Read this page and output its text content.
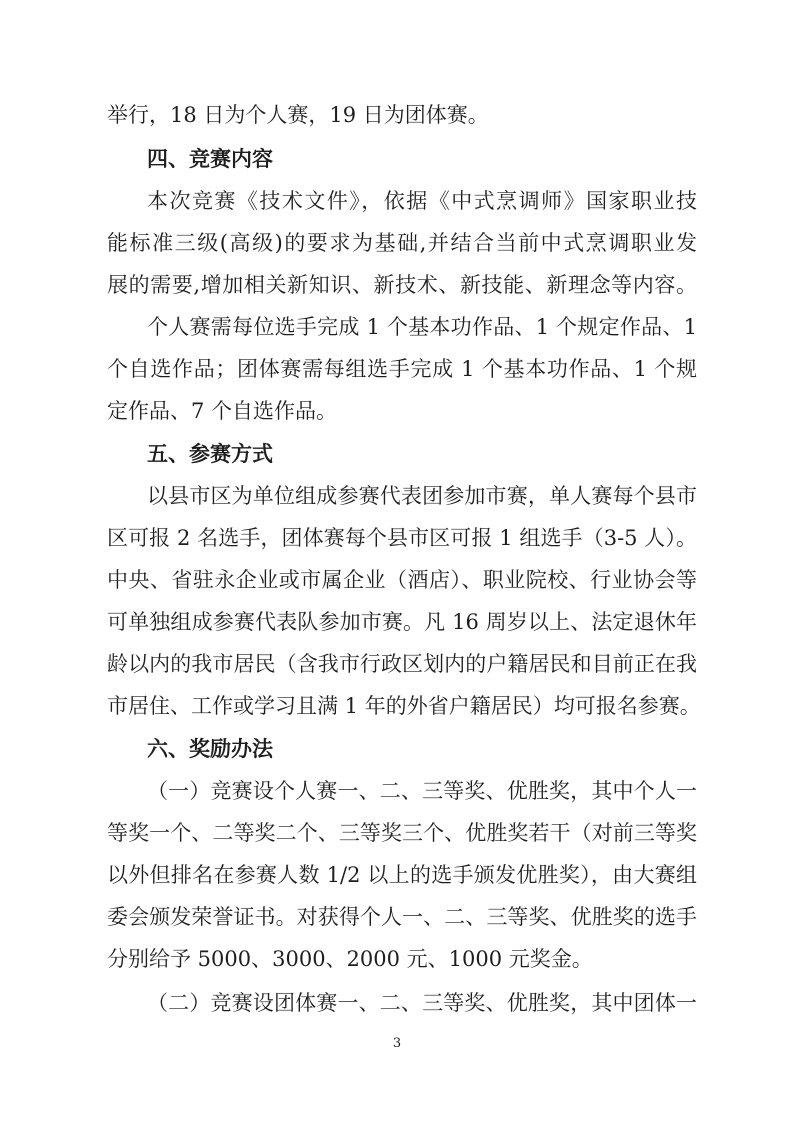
举行，18 日为个人赛，19 日为团体赛。
四、竞赛内容
本次竞赛《技术文件》，依据《中式烹调师》国家职业技
能标准三级(高级)的要求为基础,并结合当前中式烹调职业发
展的需要,增加相关新知识、新技术、新技能、新理念等内容。
个人赛需每位选手完成 1 个基本功作品、1 个规定作品、1
个自选作品；团体赛需每组选手完成 1 个基本功作品、1 个规
定作品、7 个自选作品。
五、参赛方式
以县市区为单位组成参赛代表团参加市赛，单人赛每个县市
区可报 2 名选手，团体赛每个县市区可报 1 组选手（3-5 人）。
中央、省驻永企业或市属企业（酒店）、职业院校、行业协会等
可单独组成参赛代表队参加市赛。凡 16 周岁以上、法定退休年
龄以内的我市居民（含我市行政区划内的户籍居民和目前正在我
市居住、工作或学习且满 1 年的外省户籍居民）均可报名参赛。
六、奖励办法
（一）竞赛设个人赛一、二、三等奖、优胜奖，其中个人一
等奖一个、二等奖二个、三等奖三个、优胜奖若干（对前三等奖
以外但排名在参赛人数 1/2 以上的选手颁发优胜奖），由大赛组
委会颁发荣誉证书。对获得个人一、二、三等奖、优胜奖的选手
分别给予 5000、3000、2000 元、1000 元奖金。
（二）竞赛设团体赛一、二、三等奖、优胜奖，其中团体一
3
